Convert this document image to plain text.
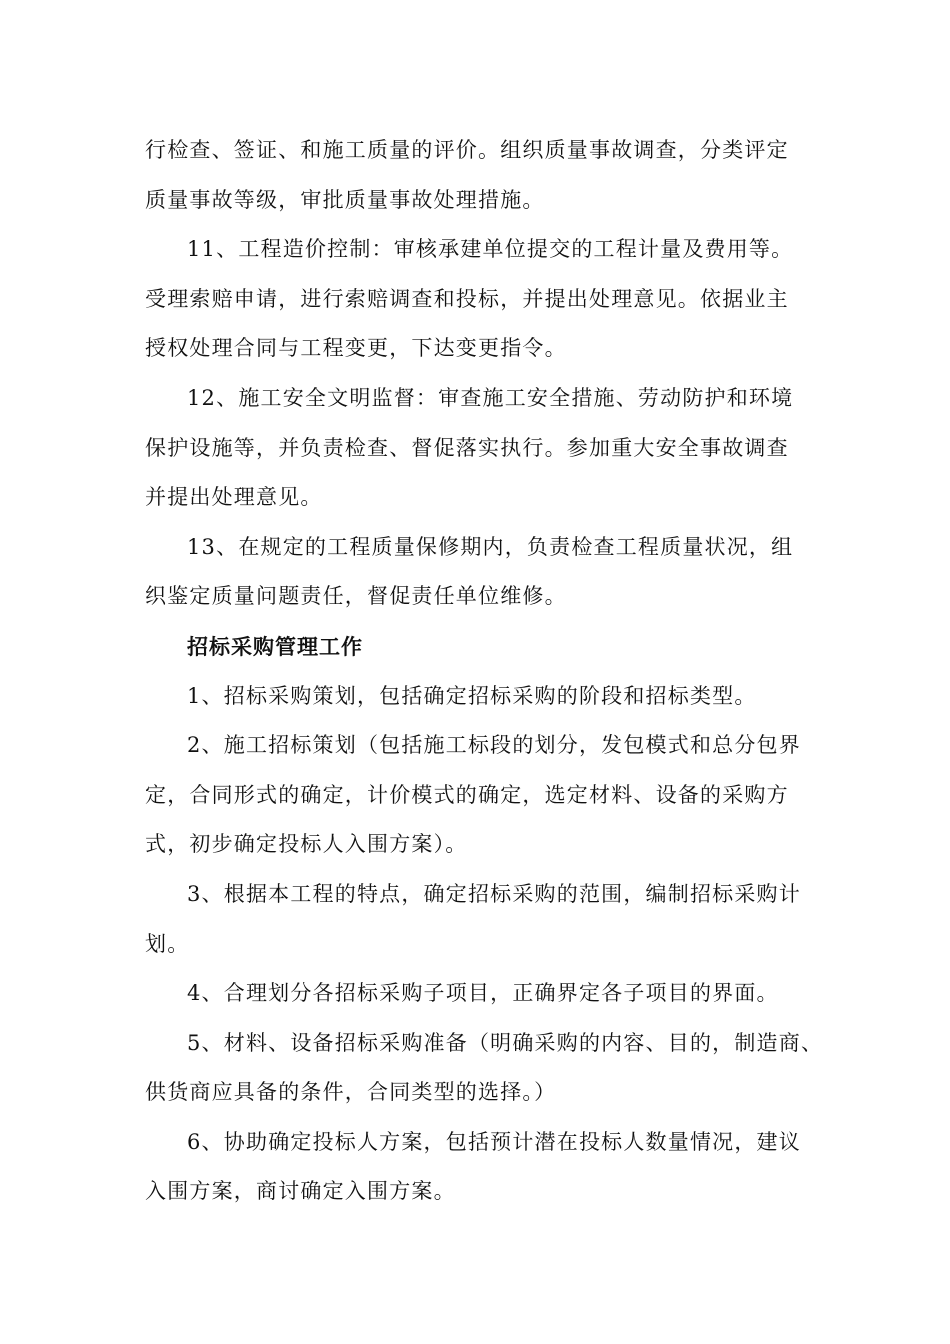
行检查、签证、和施工质量的评价。组织质量事故调查，分类评定
质量事故等级，审批质量事故处理措施。
11、工程造价控制：审核承建单位提交的工程计量及费用等。
受理索赔申请，进行索赔调查和投标，并提出处理意见。依据业主
授权处理合同与工程变更，下达变更指令。
12、施工安全文明监督：审查施工安全措施、劳动防护和环境
保护设施等，并负责检查、督促落实执行。参加重大安全事故调查
并提出处理意见。
13、在规定的工程质量保修期内，负责检查工程质量状况，组
织鉴定质量问题责任，督促责任单位维修。
招标采购管理工作
1、招标采购策划，包括确定招标采购的阶段和招标类型。
2、施工招标策划（包括施工标段的划分，发包模式和总分包界
定，合同形式的确定，计价模式的确定，选定材料、设备的采购方
式，初步确定投标人入围方案）。
3、根据本工程的特点，确定招标采购的范围，编制招标采购计
划。
4、合理划分各招标采购子项目，正确界定各子项目的界面。
5、材料、设备招标采购准备（明确采购的内容、目的，制造商、
供货商应具备的条件，合同类型的选择。）
6、协助确定投标人方案，包括预计潜在投标人数量情况，建议
入围方案，商讨确定入围方案。
